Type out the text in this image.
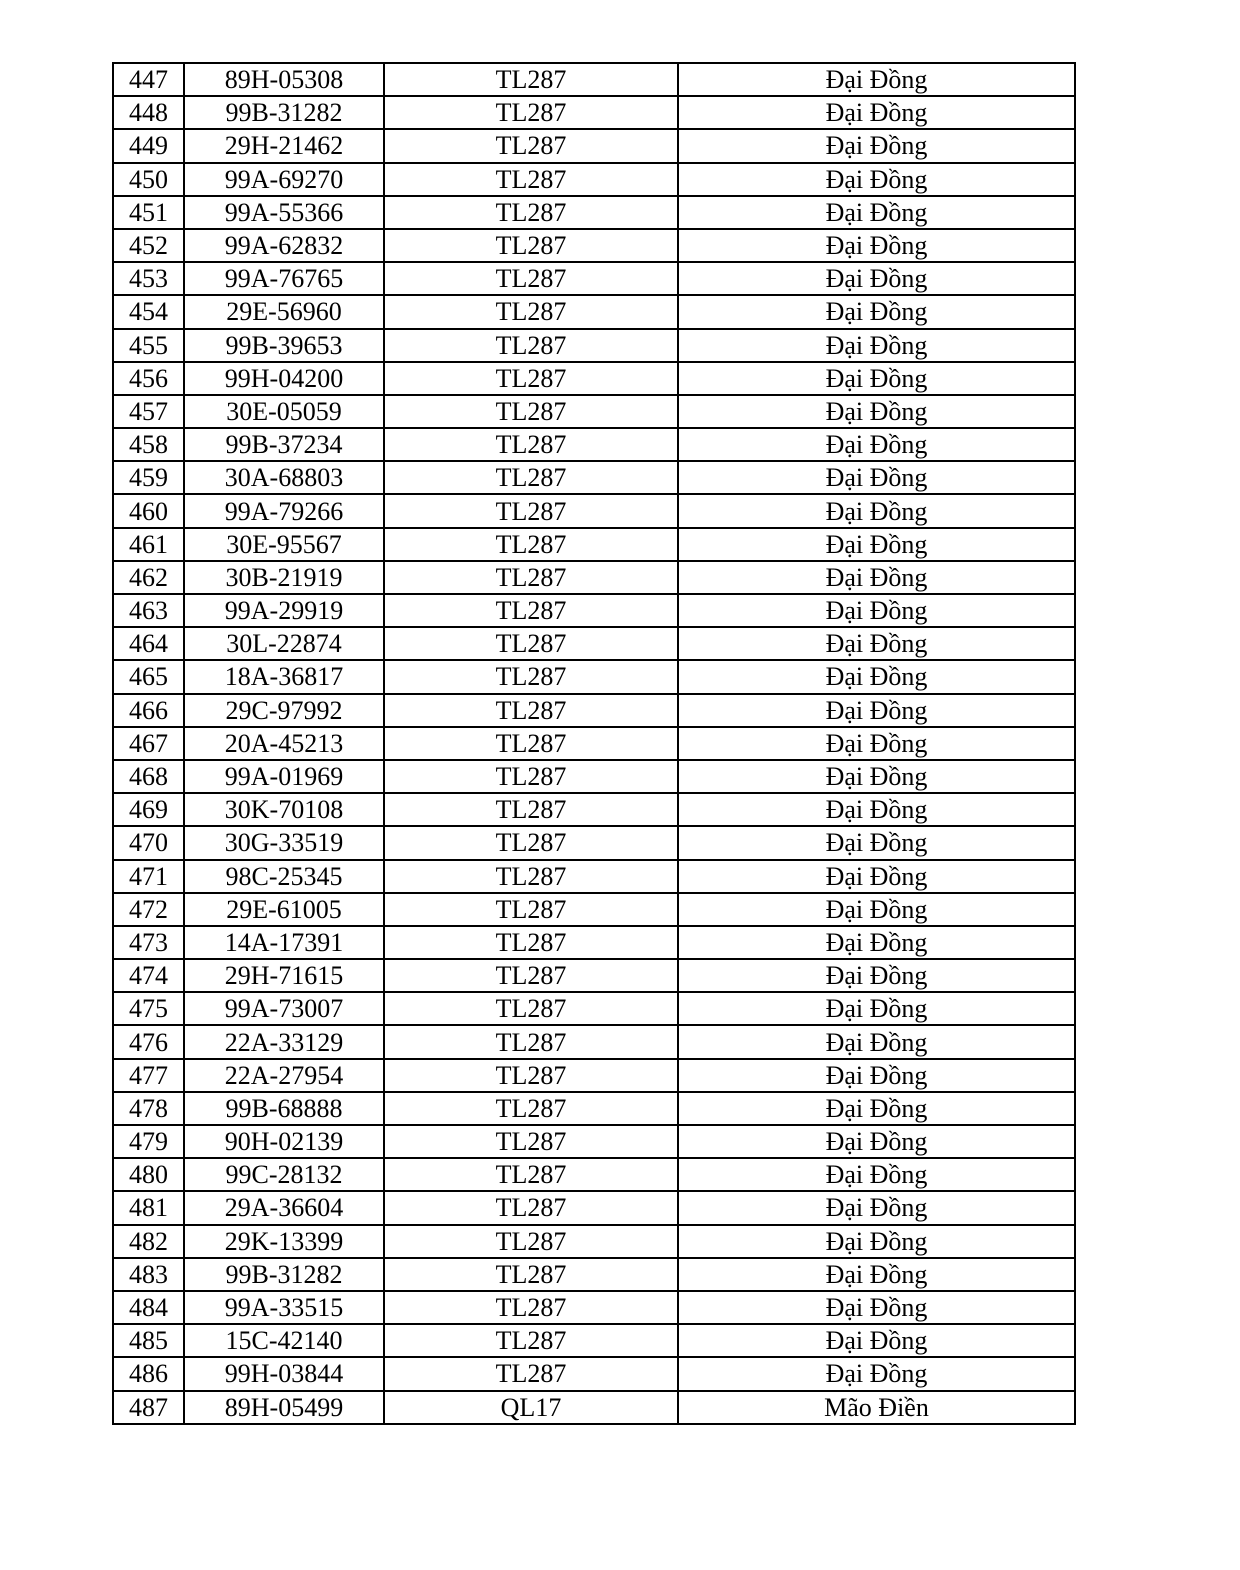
447	89H-05308	TL287	Đại Đồng
448	99B-31282	TL287	Đại Đồng
449	29H-21462	TL287	Đại Đồng
450	99A-69270	TL287	Đại Đồng
451	99A-55366	TL287	Đại Đồng
452	99A-62832	TL287	Đại Đồng
453	99A-76765	TL287	Đại Đồng
454	29E-56960	TL287	Đại Đồng
455	99B-39653	TL287	Đại Đồng
456	99H-04200	TL287	Đại Đồng
457	30E-05059	TL287	Đại Đồng
458	99B-37234	TL287	Đại Đồng
459	30A-68803	TL287	Đại Đồng
460	99A-79266	TL287	Đại Đồng
461	30E-95567	TL287	Đại Đồng
462	30B-21919	TL287	Đại Đồng
463	99A-29919	TL287	Đại Đồng
464	30L-22874	TL287	Đại Đồng
465	18A-36817	TL287	Đại Đồng
466	29C-97992	TL287	Đại Đồng
467	20A-45213	TL287	Đại Đồng
468	99A-01969	TL287	Đại Đồng
469	30K-70108	TL287	Đại Đồng
470	30G-33519	TL287	Đại Đồng
471	98C-25345	TL287	Đại Đồng
472	29E-61005	TL287	Đại Đồng
473	14A-17391	TL287	Đại Đồng
474	29H-71615	TL287	Đại Đồng
475	99A-73007	TL287	Đại Đồng
476	22A-33129	TL287	Đại Đồng
477	22A-27954	TL287	Đại Đồng
478	99B-68888	TL287	Đại Đồng
479	90H-02139	TL287	Đại Đồng
480	99C-28132	TL287	Đại Đồng
481	29A-36604	TL287	Đại Đồng
482	29K-13399	TL287	Đại Đồng
483	99B-31282	TL287	Đại Đồng
484	99A-33515	TL287	Đại Đồng
485	15C-42140	TL287	Đại Đồng
486	99H-03844	TL287	Đại Đồng
487	89H-05499	QL17	Mão Điền
